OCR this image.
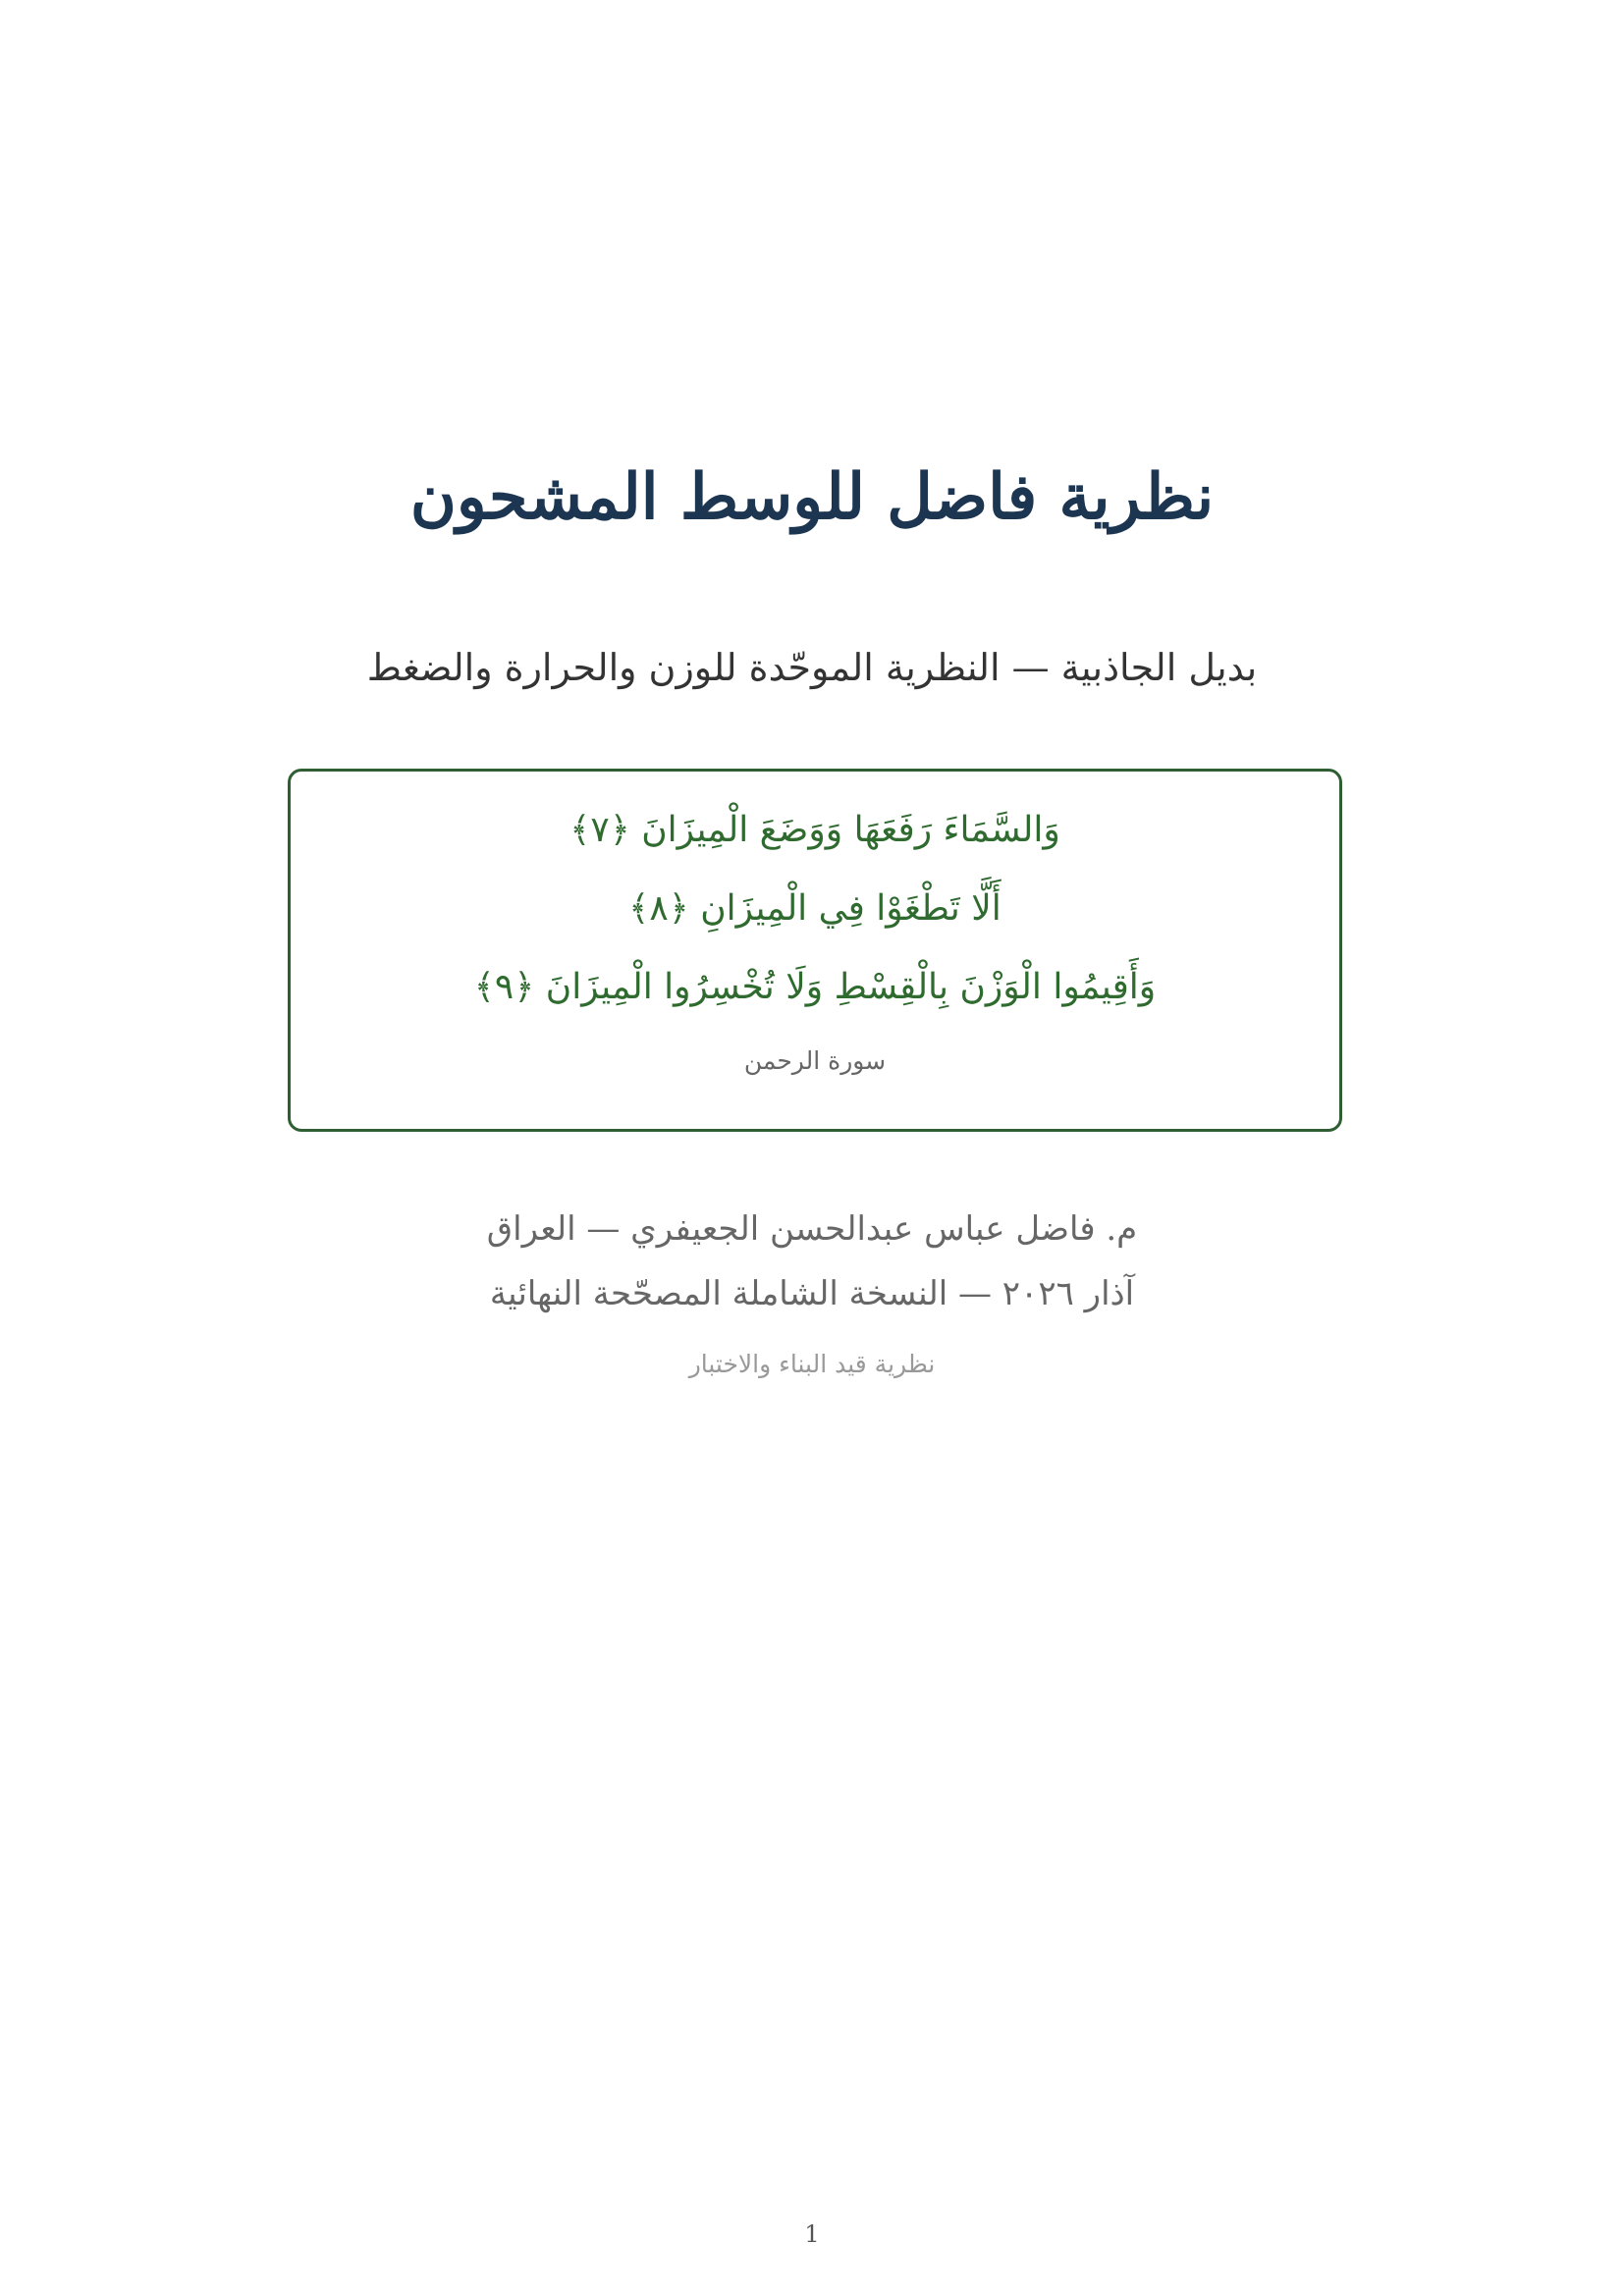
نظرية فاضل للوسط المشحون
بديل الجاذبية — النظرية الموحّدة للوزن والحرارة والضغط
وَالسَّمَاءَ رَفَعَهَا وَوَضَعَ الْمِيزَانَ ﴿٧﴾
أَلَّا تَطْغَوْا فِي الْمِيزَانِ ﴿٨﴾
وَأَقِيمُوا الْوَزْنَ بِالْقِسْطِ وَلَا تُخْسِرُوا الْمِيزَانَ ﴿٩﴾
سورة الرحمن
م. فاضل عباس عبدالحسن الجعيفري — العراق
آذار ٢٠٢٦ — النسخة الشاملة المصحّحة النهائية
نظرية قيد البناء والاختبار
1
